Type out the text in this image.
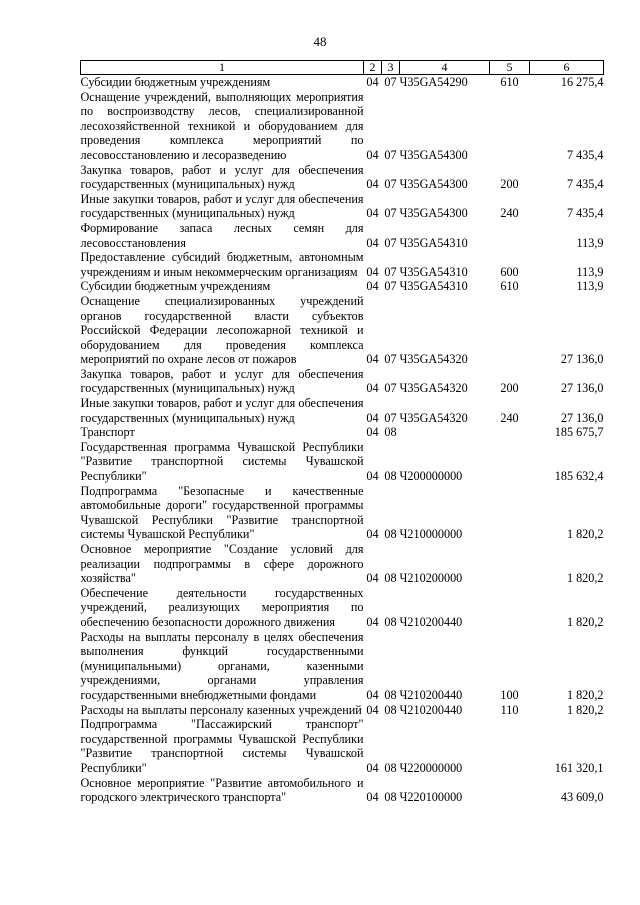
48
1	2	3	4	5	6
Субсидии бюджетным учреждениям	04	07	Ч35GA54290	610	16 275,4
Оснащение учреждений, выполняющих мероприятия по воспроизводству лесов, специализированной лесохозяйственной техникой и оборудованием для проведения комплекса мероприятий по лесовосстановлению и лесоразведению	04	07	Ч35GA54300		7 435,4
Закупка товаров, работ и услуг для обеспечения государственных (муниципальных) нужд	04	07	Ч35GA54300	200	7 435,4
Иные закупки товаров, работ и услуг для обеспечения государственных (муниципальных) нужд	04	07	Ч35GA54300	240	7 435,4
Формирование запаса лесных семян для лесовосстановления	04	07	Ч35GA54310		113,9
Предоставление субсидий бюджетным, автономным учреждениям и иным некоммерческим организациям	04	07	Ч35GA54310	600	113,9
Субсидии бюджетным учреждениям	04	07	Ч35GA54310	610	113,9
Оснащение специализированных учреждений органов государственной власти субъектов Российской Федерации лесопожарной техникой и оборудованием для проведения комплекса мероприятий по охране лесов от пожаров	04	07	Ч35GA54320		27 136,0
Закупка товаров, работ и услуг для обеспечения государственных (муниципальных) нужд	04	07	Ч35GA54320	200	27 136,0
Иные закупки товаров, работ и услуг для обеспечения государственных (муниципальных) нужд	04	07	Ч35GA54320	240	27 136,0
Транспорт	04	08			185 675,7
Государственная программа Чувашской Республики "Развитие транспортной системы Чувашской Республики"	04	08	Ч200000000		185 632,4
Подпрограмма "Безопасные и качественные автомобильные дороги" государственной программы Чувашской Республики "Развитие транспортной системы Чувашской Республики"	04	08	Ч210000000		1 820,2
Основное мероприятие "Создание условий для реализации подпрограммы в сфере дорожного хозяйства"	04	08	Ч210200000		1 820,2
Обеспечение деятельности государственных учреждений, реализующих мероприятия по обеспечению безопасности дорожного движения	04	08	Ч210200440		1 820,2
Расходы на выплаты персоналу в целях обеспечения выполнения функций государственными (муниципальными) органами, казенными учреждениями, органами управления государственными внебюджетными фондами	04	08	Ч210200440	100	1 820,2
Расходы на выплаты персоналу казенных учреждений	04	08	Ч210200440	110	1 820,2
Подпрограмма "Пассажирский транспорт" государственной программы Чувашской Республики "Развитие транспортной системы Чувашской Республики"	04	08	Ч220000000		161 320,1
Основное мероприятие "Развитие автомобильного и городского электрического транспорта"	04	08	Ч220100000		43 609,0
